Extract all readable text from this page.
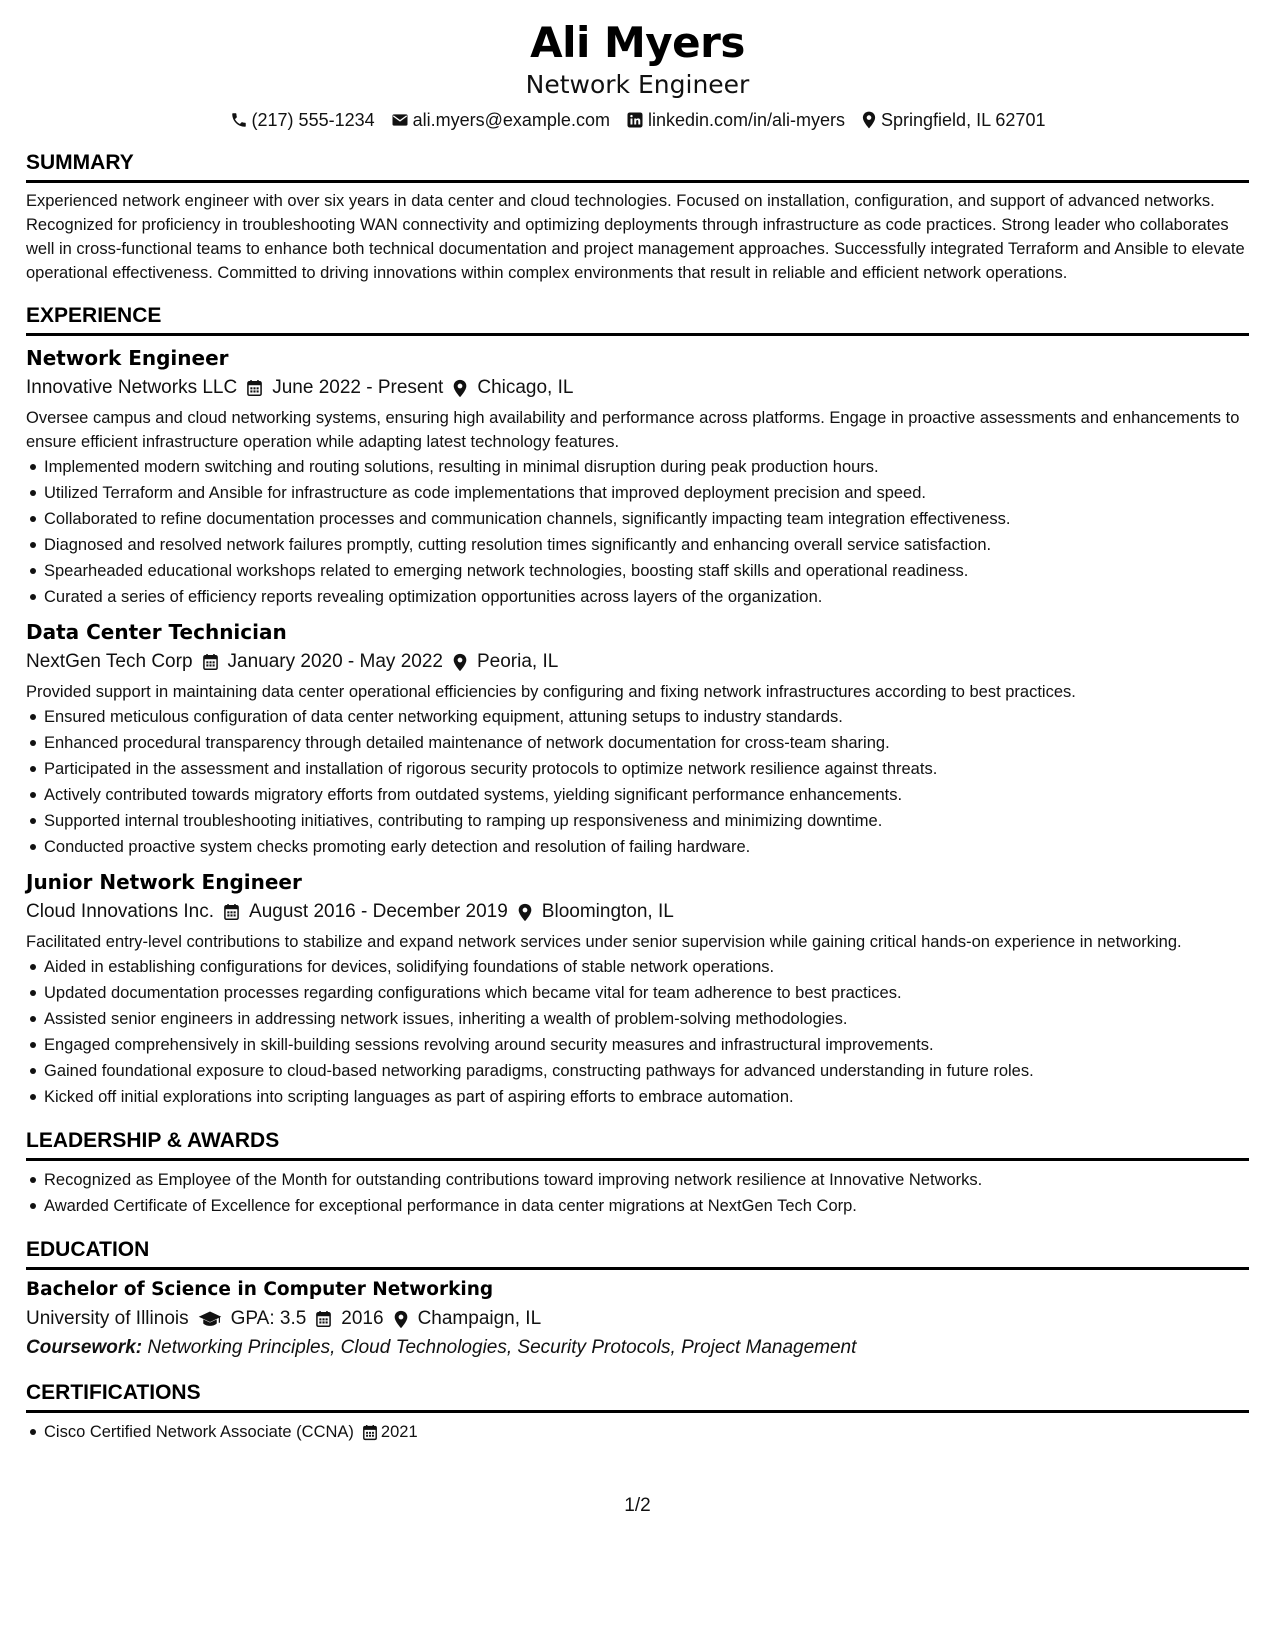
Ali Myers
Network Engineer
(217) 555-1234 ali.myers@example.com linkedin.com/in/ali-myers Springfield, IL 62701
SUMMARY

Experienced network engineer with over six years in data center and cloud technologies. Focused on installation, configuration, and support of advanced networks. Recognized for proficiency in troubleshooting WAN connectivity and optimizing deployments through infrastructure as code practices. Strong leader who collaborates well in cross-functional teams to enhance both technical documentation and project management approaches. Successfully integrated Terraform and Ansible to elevate operational effectiveness. Committed to driving innovations within complex environments that result in reliable and efficient network operations.

EXPERIENCE
Network Engineer
Innovative Networks LLC June 2022 - Present Chicago, IL

Oversee campus and cloud networking systems, ensuring high availability and performance across platforms. Engage in proactive assessments and enhancements to ensure efficient infrastructure operation while adapting latest technology features.

Implemented modern switching and routing solutions, resulting in minimal disruption during peak production hours.
Utilized Terraform and Ansible for infrastructure as code implementations that improved deployment precision and speed.
Collaborated to refine documentation processes and communication channels, significantly impacting team integration effectiveness.
Diagnosed and resolved network failures promptly, cutting resolution times significantly and enhancing overall service satisfaction.
Spearheaded educational workshops related to emerging network technologies, boosting staff skills and operational readiness.
Curated a series of efficiency reports revealing optimization opportunities across layers of the organization.
Data Center Technician
NextGen Tech Corp January 2020 - May 2022 Peoria, IL

Provided support in maintaining data center operational efficiencies by configuring and fixing network infrastructures according to best practices.

Ensured meticulous configuration of data center networking equipment, attuning setups to industry standards.
Enhanced procedural transparency through detailed maintenance of network documentation for cross-team sharing.
Participated in the assessment and installation of rigorous security protocols to optimize network resilience against threats.
Actively contributed towards migratory efforts from outdated systems, yielding significant performance enhancements.
Supported internal troubleshooting initiatives, contributing to ramping up responsiveness and minimizing downtime.
Conducted proactive system checks promoting early detection and resolution of failing hardware.
Junior Network Engineer
Cloud Innovations Inc. August 2016 - December 2019 Bloomington, IL

Facilitated entry-level contributions to stabilize and expand network services under senior supervision while gaining critical hands-on experience in networking.

Aided in establishing configurations for devices, solidifying foundations of stable network operations.
Updated documentation processes regarding configurations which became vital for team adherence to best practices.
Assisted senior engineers in addressing network issues, inheriting a wealth of problem-solving methodologies.
Engaged comprehensively in skill-building sessions revolving around security measures and infrastructural improvements.
Gained foundational exposure to cloud-based networking paradigms, constructing pathways for advanced understanding in future roles.
Kicked off initial explorations into scripting languages as part of aspiring efforts to embrace automation.
LEADERSHIP & AWARDS
Recognized as Employee of the Month for outstanding contributions toward improving network resilience at Innovative Networks.
Awarded Certificate of Excellence for exceptional performance in data center migrations at NextGen Tech Corp.
EDUCATION
Bachelor of Science in Computer Networking
University of Illinois GPA: 3.5 2016 Champaign, IL
Coursework: Networking Principles, Cloud Technologies, Security Protocols, Project Management
CERTIFICATIONS
Cisco Certified Network Associate (CCNA) 2021
1/2
